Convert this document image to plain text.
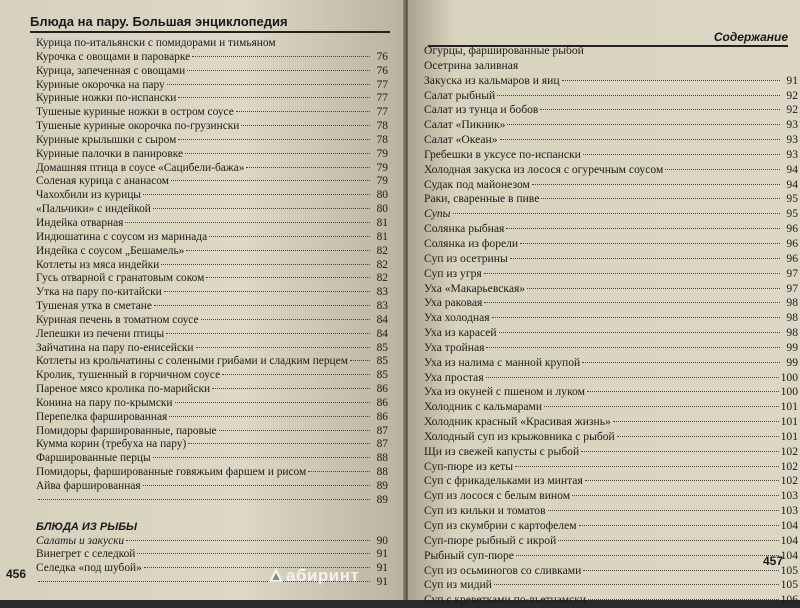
Блюда на пару. Большая энциклопедия
Курица по-итальянски с помидорами и тимьяном
Курочка с овощами в пароварке	76
Курица, запеченная с овощами	76
Куриные окорочка на пару	77
Куриные ножки по-испански	77
Тушеные куриные ножки в остром соусе	77
Тушеные куриные окорочка по-грузински	78
Куриные крылышки с сыром	78
Куриные палочки в панировке	79
Домашняя птица в соусе «Сацибели-бажа»	79
Соленая курица с ананасом	79
Чахохбили из курицы	80
«Пальчики» с индейкой	80
Индейка отварная	81
Индюшатина с соусом из маринада	81
Индейка с соусом „Бешамель»	82
Котлеты из мяса индейки	82
Гусь отварной с гранатовым соком	82
Утка на пару по-китайски	83
Тушеная утка в сметане	83
Куриная печень в томатном соусе	84
Лепешки из печени птицы	84
Зайчатина на пару по-енисейски	85
Котлеты из крольчатины с солеными грибами и сладким перцем	85
Кролик, тушенный в горчичном соусе	85
Пареное мясо кролика по-марийски	86
Конина на пару по-крымски	86
Перепелка фаршированная	86
Помидоры фаршированные, паровые	87
Кумма корин (требуха на пару)	87
Фаршированные перцы	88
Помидоры, фаршированные говяжьим фаршем и рисом	88
Айва фаршированная	89
89
БЛЮДА ИЗ РЫБЫ
Салаты и закуски	90
Винегрет с селедкой	91
Селедка «под шубой»	91
91
456
Содержание
Огурцы, фаршированные рыбой
Осетрина заливная
Закуска из кальмаров и яиц	91
Салат рыбный	92
Салат из тунца и бобов	92
Салат «Пикник»	93
Салат «Океан»	93
Гребешки в уксусе по-испански	93
Холодная закуска из лосося с огуречным соусом	94
Судак под майонезом	94
Раки, сваренные в пиве	95
Супы	95
Солянка рыбная	96
Солянка из форели	96
Суп из осетрины	96
Суп из угря	97
Уха «Макарьевская»	97
Уха раковая	98
Уха холодная	98
Уха из карасей	98
Уха тройная	99
Уха из налима с манной крупой	99
Уха простая	100
Уха из окуней с пшеном и луком	100
Холодник с кальмарами	101
Холодник красный «Красивая жизнь»	101
Холодный суп из крыжовника с рыбой	101
Щи из свежей капусты с рыбой	102
Суп-пюре из кеты	102
Суп с фрикадельками из минтая	102
Суп из лосося с белым вином	103
Суп из кильки и томатов	103
Суп из скумбрии с картофелем	104
Суп-пюре рыбный с икрой	104
Рыбный суп-пюре	104
Суп из осьминогов со сливками	105
Суп из мидий	105
Суп с креветками по-вьетнамски	106
457
абиринт
